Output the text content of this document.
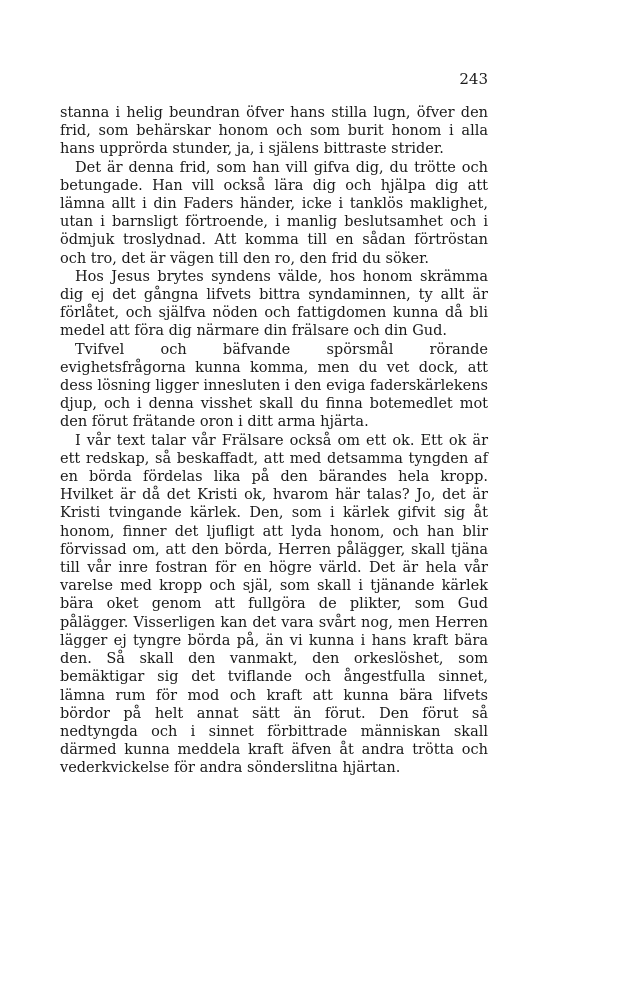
243

stanna i helig beundran öfver hans stilla lugn, öfver den frid, som behärskar honom och som burit honom i alla hans upprörda stunder, ja, i själens bittraste strider.

Det är denna frid, som han vill gifva dig, du trötte och betungade. Han vill också lära dig och hjälpa dig att lämna allt i din Faders händer, icke i tanklös maklighet, utan i barnsligt förtroende, i manlig beslutsamhet och i ödmjuk troslydnad. Att komma till en sådan förtröstan och tro, det är vägen till den ro, den frid du söker.

Hos Jesus brytes syndens välde, hos honom skrämma dig ej det gångna lifvets bittra syndaminnen, ty allt är förlåtet, och själfva nöden och fattigdomen kunna då bli medel att föra dig närmare din frälsare och din Gud.

Tvifvel och bäfvande spörsmål rörande evighetsfrågorna kunna komma, men du vet dock, att dess lösning ligger innesluten i den eviga faderskärlekens djup, och i denna visshet skall du finna botemedlet mot den förut frätande oron i ditt arma hjärta.

I vår text talar vår Frälsare också om ett ok. Ett ok är ett redskap, så beskaffadt, att med detsamma tyngden af en börda fördelas lika på den bärandes hela kropp. Hvilket är då det Kristi ok, hvarom här talas? Jo, det är Kristi tvingande kärlek. Den, som i kärlek gifvit sig åt honom, finner det ljufligt att lyda honom, och han blir förvissad om, att den börda, Herren pålägger, skall tjäna till vår inre fostran för en högre värld. Det är hela vår varelse med kropp och själ, som skall i tjänande kärlek bära oket genom att fullgöra de plikter, som Gud pålägger. Visserligen kan det vara svårt nog, men Herren lägger ej tyngre börda på, än vi kunna i hans kraft bära den. Så skall den vanmakt, den orkeslöshet, som bemäktigar sig det tviflande och ångestfulla sinnet, lämna rum för mod och kraft att kunna bära lifvets bördor på helt annat sätt än förut. Den förut så nedtyngda och i sinnet förbittrade människan skall därmed kunna meddela kraft äfven åt andra trötta och vederkvickelse för andra sönderslitna hjärtan.
